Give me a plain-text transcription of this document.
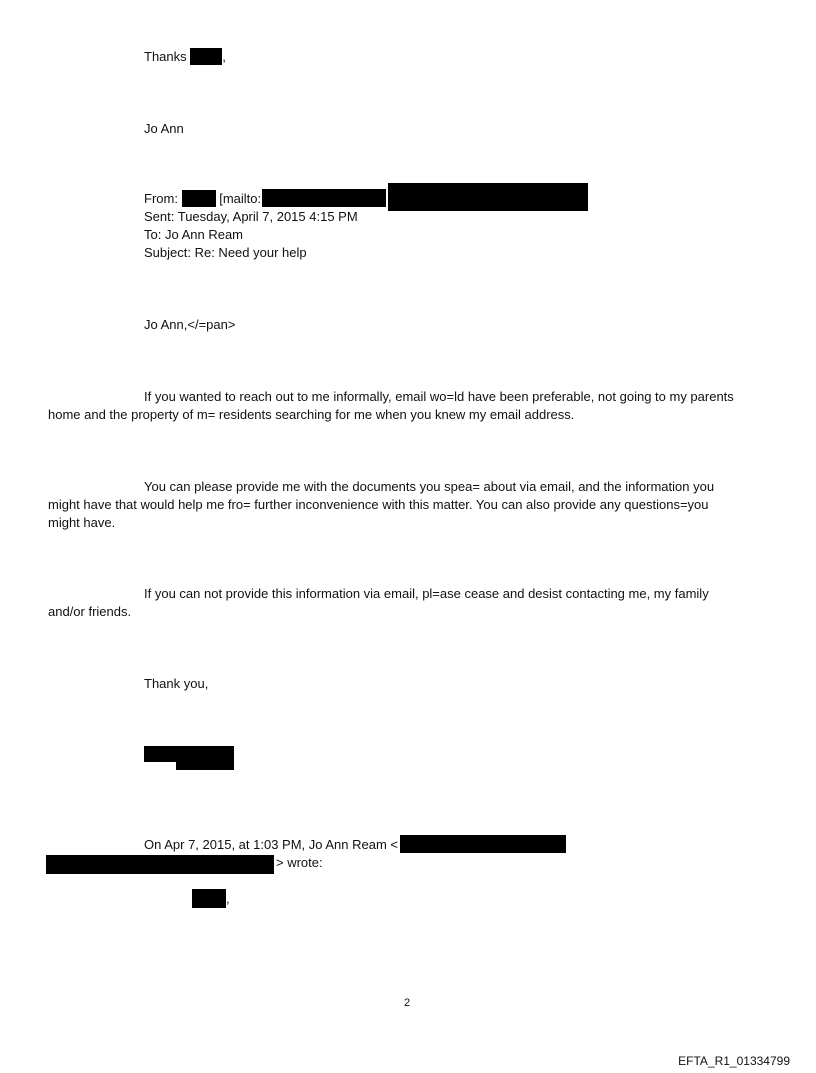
Thanks	,
Jo Ann
From:	[mailto:
Sent: Tuesday, April 7, 2015 4:15 PM
To: Jo Ann Ream
Subject: Re: Need your help
Jo Ann,</=pan>
If you wanted to reach out to me informally, email wo=ld have been preferable, not going to my parents
home and the property of m= residents searching for me when you knew my email address.
You can please provide me with the documents you spea= about via email, and the information you
might have that would help me fro= further inconvenience with this matter. You can also provide any questions=you
might have.
If you can not provide this information via email, pl=ase cease and desist contacting me, my family
and/or friends.
Thank you,
On Apr 7, 2015, at 1:03 PM, Jo Ann Ream <
> wrote:
,
2
EFTA_R1_01334799
